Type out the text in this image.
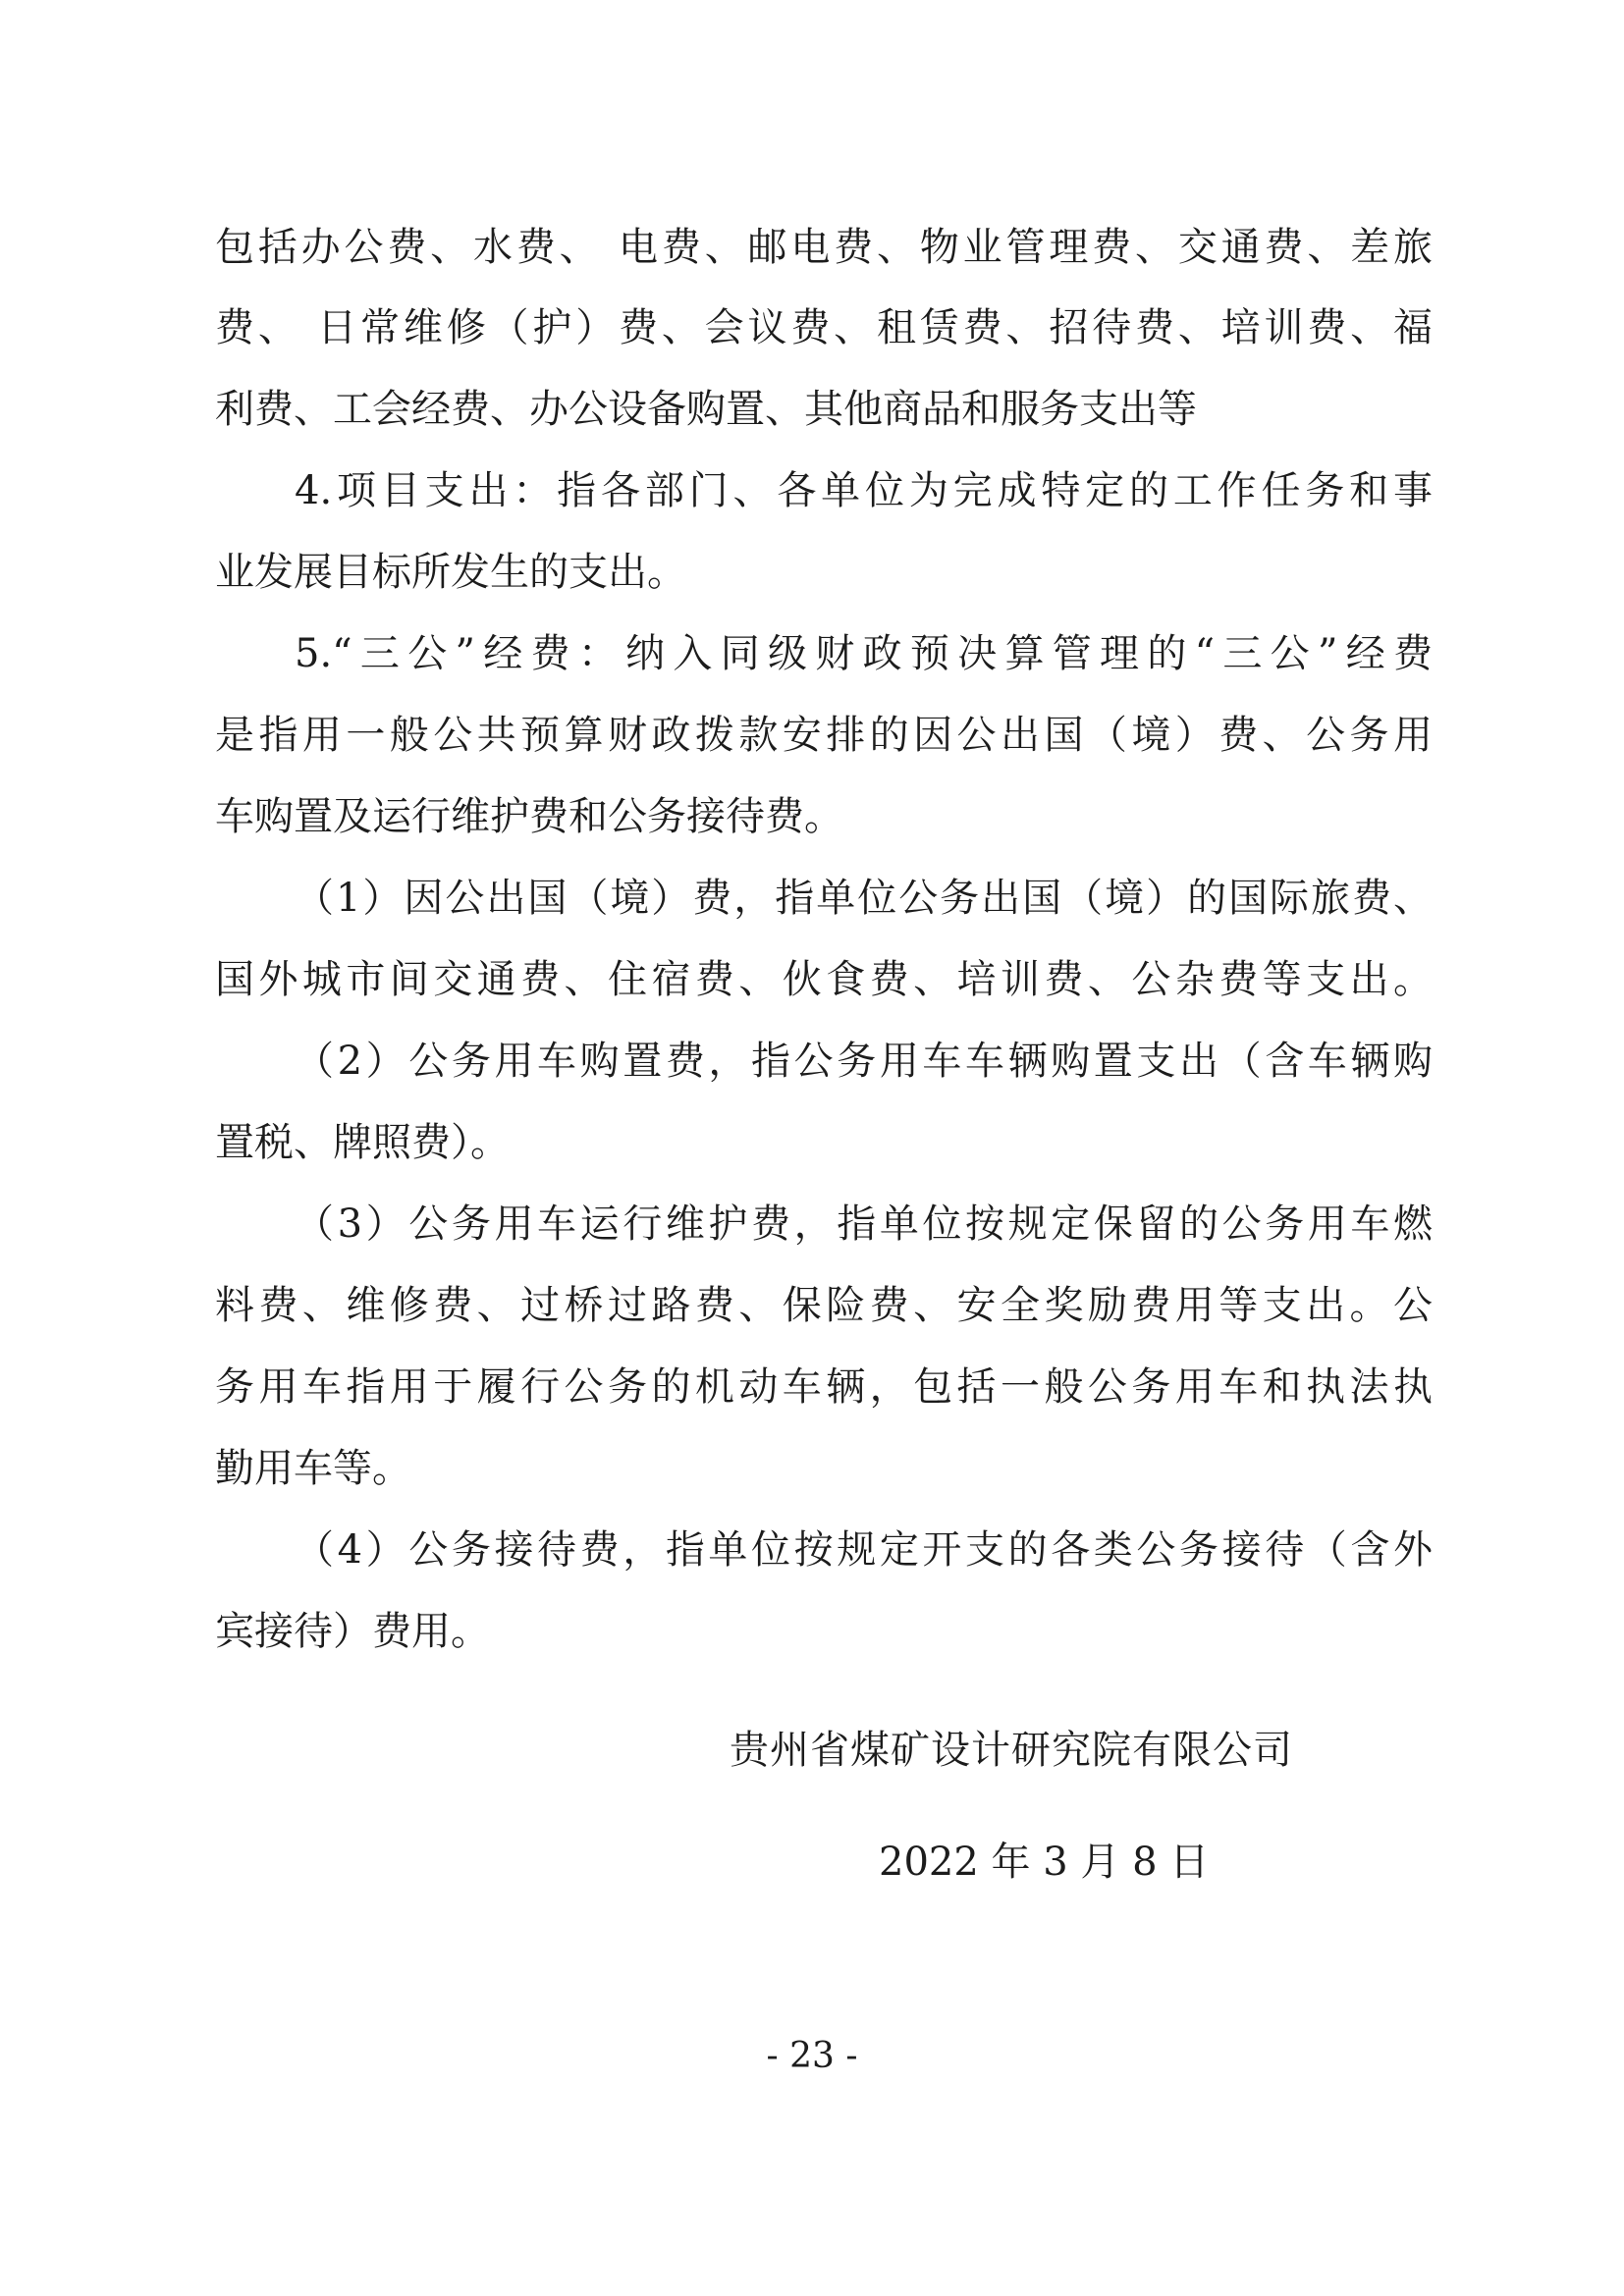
包括办公费、水费、 电费、邮电费、物业管理费、交通费、差旅

费、 日常维修（护）费、会议费、租赁费、招待费、培训费、福

利费、工会经费、办公设备购置、其他商品和服务支出等

4.项目支出：指各部门、各单位为完成特定的工作任务和事

业发展目标所发生的支出。

5.“三公”经费：纳入同级财政预决算管理的“三公”经费

是指用一般公共预算财政拨款安排的因公出国（境）费、公务用

车购置及运行维护费和公务接待费。

（1）因公出国（境）费，指单位公务出国（境）的国际旅费、

国外城市间交通费、住宿费、伙食费、培训费、公杂费等支出。

（2）公务用车购置费，指公务用车车辆购置支出（含车辆购

置税、牌照费）。

（3）公务用车运行维护费，指单位按规定保留的公务用车燃

料费、维修费、过桥过路费、保险费、安全奖励费用等支出。公

务用车指用于履行公务的机动车辆，包括一般公务用车和执法执

勤用车等。

（4）公务接待费，指单位按规定开支的各类公务接待（含外

宾接待）费用。

贵州省煤矿设计研究院有限公司

2022 年 3 月 8 日

- 23 -
